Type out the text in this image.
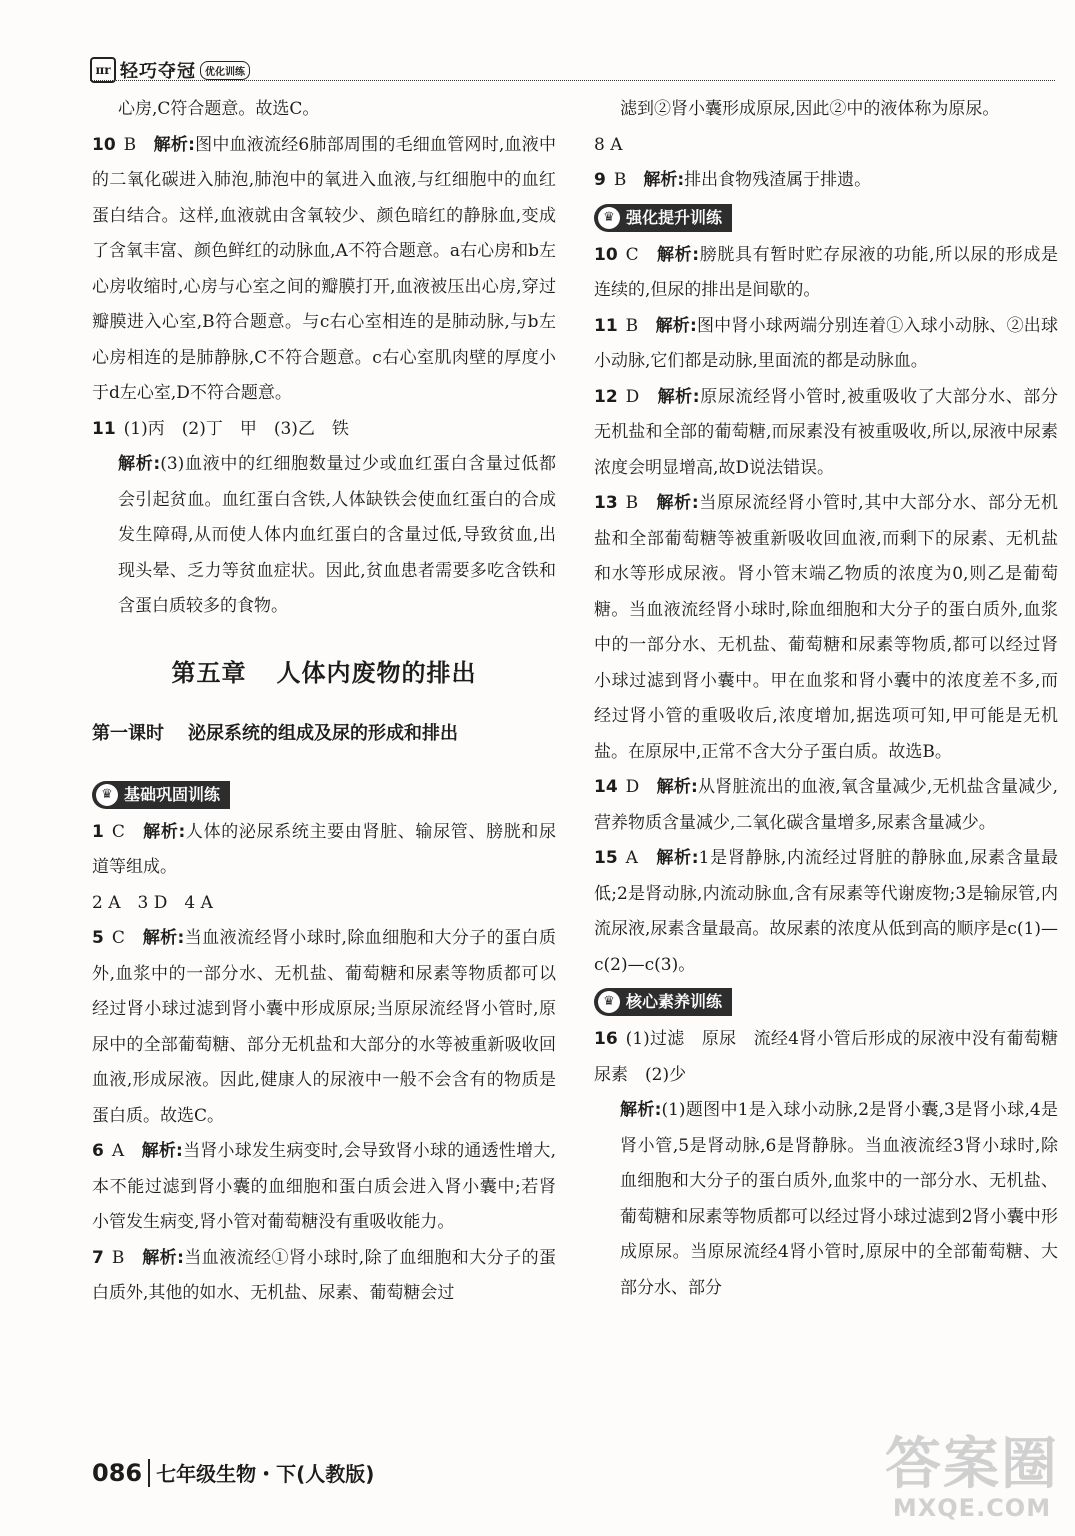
πr 轻巧夺冠 优化训练

心房,C符合题意。故选C。

10 B　 解析:图中血液流经6肺部周围的毛细血管网时,血液中的二氧化碳进入肺泡,肺泡中的氧进入血液,与红细胞中的血红蛋白结合。这样,血液就由含氧较少、颜色暗红的静脉血,变成了含氧丰富、颜色鲜红的动脉血,A不符合题意。a右心房和b左心房收缩时,心房与心室之间的瓣膜打开,血液被压出心房,穿过瓣膜进入心室,B符合题意。与c右心室相连的是肺动脉,与b左心房相连的是肺静脉,C不符合题意。c右心室肌肉壁的厚度小于d左心室,D不符合题意。

11 (1)丙　(2)丁　甲　(3)乙　铁

解析:(3)血液中的红细胞数量过少或血红蛋白含量过低都会引起贫血。血红蛋白含铁,人体缺铁会使血红蛋白的合成发生障碍,从而使人体内血红蛋白的含量过低,导致贫血,出现头晕、乏力等贫血症状。因此,贫血患者需要多吃含铁和含蛋白质较多的食物。

第五章 人体内废物的排出
第一课时 泌尿系统的组成及尿的形成和排出
♛ 基础巩固训练

1 C　 解析:人体的泌尿系统主要由肾脏、输尿管、膀胱和尿道等组成。

2 A　3 D　4 A

5 C　 解析:当血液流经肾小球时,除血细胞和大分子的蛋白质外,血浆中的一部分水、无机盐、葡萄糖和尿素等物质都可以经过肾小球过滤到肾小囊中形成原尿;当原尿流经肾小管时,原尿中的全部葡萄糖、部分无机盐和大部分的水等被重新吸收回血液,形成尿液。因此,健康人的尿液中一般不会含有的物质是蛋白质。故选C。

6 A　 解析:当肾小球发生病变时,会导致肾小球的通透性增大,本不能过滤到肾小囊的血细胞和蛋白质会进入肾小囊中;若肾小管发生病变,肾小管对葡萄糖没有重吸收能力。

7 B　 解析:当血液流经①肾小球时,除了血细胞和大分子的蛋白质外,其他的如水、无机盐、尿素、葡萄糖会过

滤到②肾小囊形成原尿,因此②中的液体称为原尿。

8 A

9 B　 解析:排出食物残渣属于排遗。

♛ 强化提升训练

10 C　 解析:膀胱具有暂时贮存尿液的功能,所以尿的形成是连续的,但尿的排出是间歇的。

11 B　 解析:图中肾小球两端分别连着①入球小动脉、②出球小动脉,它们都是动脉,里面流的都是动脉血。

12 D　 解析:原尿流经肾小管时,被重吸收了大部分水、部分无机盐和全部的葡萄糖,而尿素没有被重吸收,所以,尿液中尿素浓度会明显增高,故D说法错误。

13 B　 解析:当原尿流经肾小管时,其中大部分水、部分无机盐和全部葡萄糖等被重新吸收回血液,而剩下的尿素、无机盐和水等形成尿液。肾小管末端乙物质的浓度为0,则乙是葡萄糖。当血液流经肾小球时,除血细胞和大分子的蛋白质外,血浆中的一部分水、无机盐、葡萄糖和尿素等物质,都可以经过肾小球过滤到肾小囊中。甲在血浆和肾小囊中的浓度差不多,而经过肾小管的重吸收后,浓度增加,据选项可知,甲可能是无机盐。在原尿中,正常不含大分子蛋白质。故选B。

14 D　 解析:从肾脏流出的血液,氧含量减少,无机盐含量减少,营养物质含量减少,二氧化碳含量增多,尿素含量减少。

15 A　 解析:1是肾静脉,内流经过肾脏的静脉血,尿素含量最低;2是肾动脉,内流动脉血,含有尿素等代谢废物;3是输尿管,内流尿液,尿素含量最高。故尿素的浓度从低到高的顺序是c(1)—c(2)—c(3)。

♛ 核心素养训练

16 (1)过滤　原尿　流经4肾小管后形成的尿液中没有葡萄糖　尿素　(2)少

解析:(1)题图中1是入球小动脉,2是肾小囊,3是肾小球,4是肾小管,5是肾动脉,6是肾静脉。当血液流经3肾小球时,除血细胞和大分子的蛋白质外,血浆中的一部分水、无机盐、葡萄糖和尿素等物质都可以经过肾小球过滤到2肾小囊中形成原尿。当原尿流经4肾小管时,原尿中的全部葡萄糖、大部分水、部分

086 七年级生物・下(人教版)	答案圈
MXQE.COM
